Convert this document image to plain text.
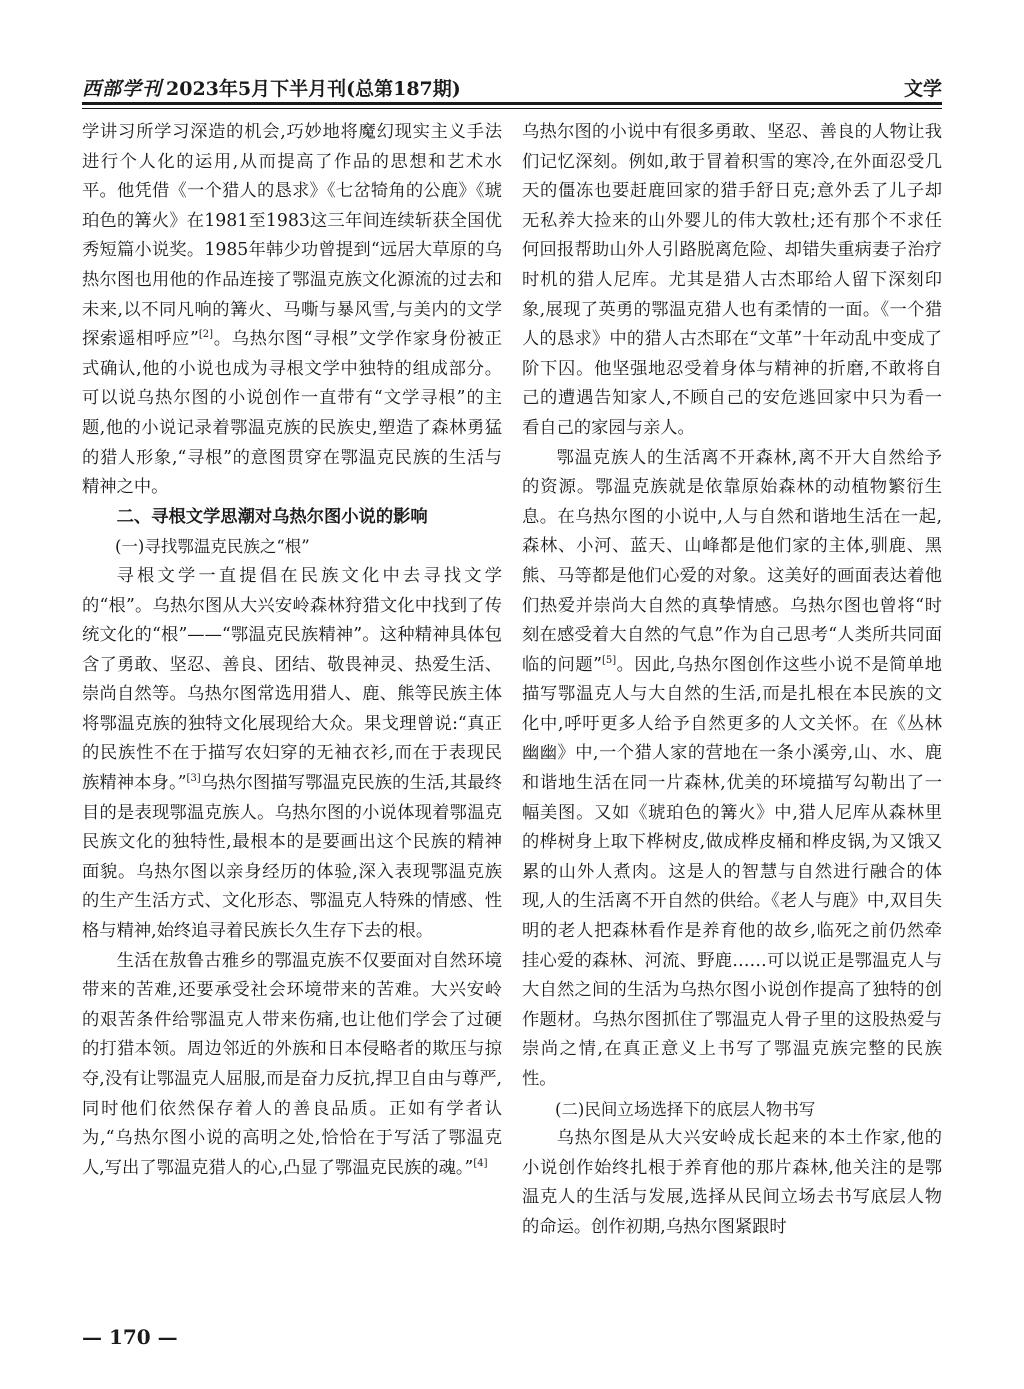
西部学刊 2023年5月下半月刊(总第187期)	文学

学讲习所学习深造的机会,巧妙地将魔幻现实主义手法进行个人化的运用,从而提高了作品的思想和艺术水平。他凭借《一个猎人的恳求》《七岔犄角的公鹿》《琥珀色的篝火》在1981至1983这三年间连续斩获全国优秀短篇小说奖。1985年韩少功曾提到“远居大草原的乌热尔图也用他的作品连接了鄂温克族文化源流的过去和未来,以不同凡响的篝火、马嘶与暴风雪,与美内的文学探索遥相呼应”[2]。乌热尔图“寻根”文学作家身份被正式确认,他的小说也成为寻根文学中独特的组成部分。可以说乌热尔图的小说创作一直带有“文学寻根”的主题,他的小说记录着鄂温克族的民族史,塑造了森林勇猛的猎人形象,“寻根”的意图贯穿在鄂温克民族的生活与精神之中。

二、寻根文学思潮对乌热尔图小说的影响
(一)寻找鄂温克民族之“根”

寻根文学一直提倡在民族文化中去寻找文学的“根”。乌热尔图从大兴安岭森林狩猎文化中找到了传统文化的“根”——“鄂温克民族精神”。这种精神具体包含了勇敢、坚忍、善良、团结、敬畏神灵、热爱生活、崇尚自然等。乌热尔图常选用猎人、鹿、熊等民族主体将鄂温克族的独特文化展现给大众。果戈理曾说:“真正的民族性不在于描写农妇穿的无袖衣衫,而在于表现民族精神本身。”[3]乌热尔图描写鄂温克民族的生活,其最终目的是表现鄂温克族人。乌热尔图的小说体现着鄂温克民族文化的独特性,最根本的是要画出这个民族的精神面貌。乌热尔图以亲身经历的体验,深入表现鄂温克族的生产生活方式、文化形态、鄂温克人特殊的情感、性格与精神,始终追寻着民族长久生存下去的根。

生活在敖鲁古雅乡的鄂温克族不仅要面对自然环境带来的苦难,还要承受社会环境带来的苦难。大兴安岭的艰苦条件给鄂温克人带来伤痛,也让他们学会了过硬的打猎本领。周边邻近的外族和日本侵略者的欺压与掠夺,没有让鄂温克人屈服,而是奋力反抗,捍卫自由与尊严,同时他们依然保存着人的善良品质。正如有学者认为,“乌热尔图小说的高明之处,恰恰在于写活了鄂温克人,写出了鄂温克猎人的心,凸显了鄂温克民族的魂。”[4]

乌热尔图的小说中有很多勇敢、坚忍、善良的人物让我们记忆深刻。例如,敢于冒着积雪的寒冷,在外面忍受几天的僵冻也要赶鹿回家的猎手舒日克;意外丢了儿子却无私养大捡来的山外婴儿的伟大敦杜;还有那个不求任何回报帮助山外人引路脱离危险、却错失重病妻子治疗时机的猎人尼库。尤其是猎人古杰耶给人留下深刻印象,展现了英勇的鄂温克猎人也有柔情的一面。《一个猎人的恳求》中的猎人古杰耶在“文革”十年动乱中变成了阶下囚。他坚强地忍受着身体与精神的折磨,不敢将自己的遭遇告知家人,不顾自己的安危逃回家中只为看一看自己的家园与亲人。

鄂温克族人的生活离不开森林,离不开大自然给予的资源。鄂温克族就是依靠原始森林的动植物繁衍生息。在乌热尔图的小说中,人与自然和谐地生活在一起,森林、小河、蓝天、山峰都是他们家的主体,驯鹿、黑熊、马等都是他们心爱的对象。这美好的画面表达着他们热爱并崇尚大自然的真挚情感。乌热尔图也曾将“时刻在感受着大自然的气息”作为自己思考“人类所共同面临的问题”[5]。因此,乌热尔图创作这些小说不是简单地描写鄂温克人与大自然的生活,而是扎根在本民族的文化中,呼吁更多人给予自然更多的人文关怀。在《丛林幽幽》中,一个猎人家的营地在一条小溪旁,山、水、鹿和谐地生活在同一片森林,优美的环境描写勾勒出了一幅美图。又如《琥珀色的篝火》中,猎人尼库从森林里的桦树身上取下桦树皮,做成桦皮桶和桦皮锅,为又饿又累的山外人煮肉。这是人的智慧与自然进行融合的体现,人的生活离不开自然的供给。《老人与鹿》中,双目失明的老人把森林看作是养育他的故乡,临死之前仍然牵挂心爱的森林、河流、野鹿……可以说正是鄂温克人与大自然之间的生活为乌热尔图小说创作提高了独特的创作题材。乌热尔图抓住了鄂温克人骨子里的这股热爱与崇尚之情,在真正意义上书写了鄂温克族完整的民族性。

(二)民间立场选择下的底层人物书写

乌热尔图是从大兴安岭成长起来的本土作家,他的小说创作始终扎根于养育他的那片森林,他关注的是鄂温克人的生活与发展,选择从民间立场去书写底层人物的命运。创作初期,乌热尔图紧跟时

— 170 —
